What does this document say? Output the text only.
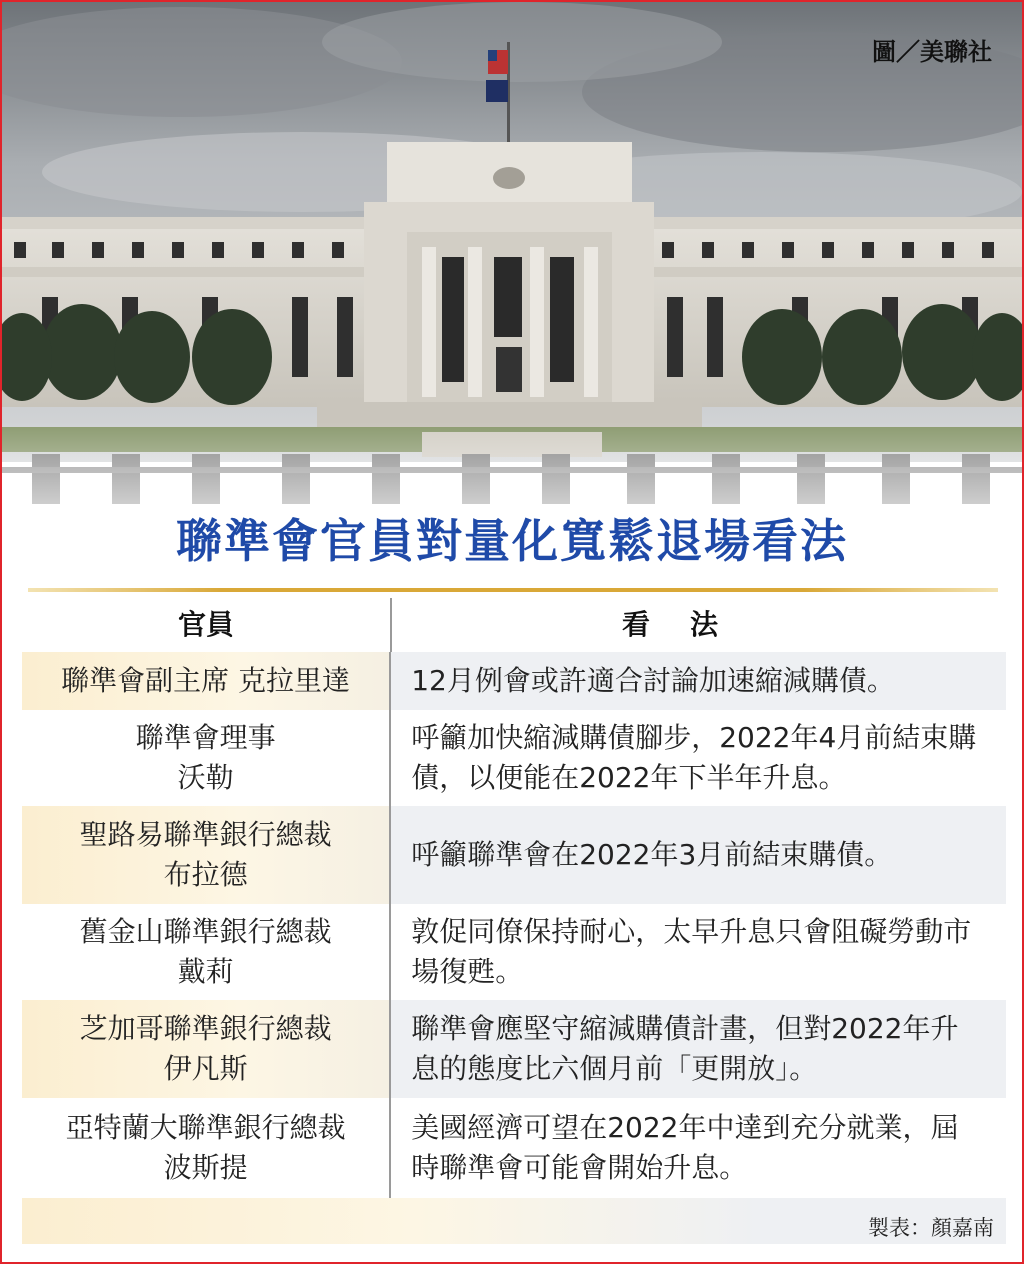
圖／美聯社
聯準會官員對量化寬鬆退場看法
官員	看法
聯準會副主席 克拉里達 12月例會或許適合討論加速縮減購債。
聯準會理事
沃勒
呼籲加快縮減購債腳步，2022年4月前結束購債，以便能在2022年下半年升息。
聖路易聯準銀行總裁
布拉德
呼籲聯準會在2022年3月前結束購債。
舊金山聯準銀行總裁
戴莉
敦促同僚保持耐心，太早升息只會阻礙勞動市場復甦。
芝加哥聯準銀行總裁
伊凡斯
聯準會應堅守縮減購債計畫，但對2022年升息的態度比六個月前「更開放」。
亞特蘭大聯準銀行總裁
波斯提
美國經濟可望在2022年中達到充分就業，屆時聯準會可能會開始升息。
製表：顏嘉南
